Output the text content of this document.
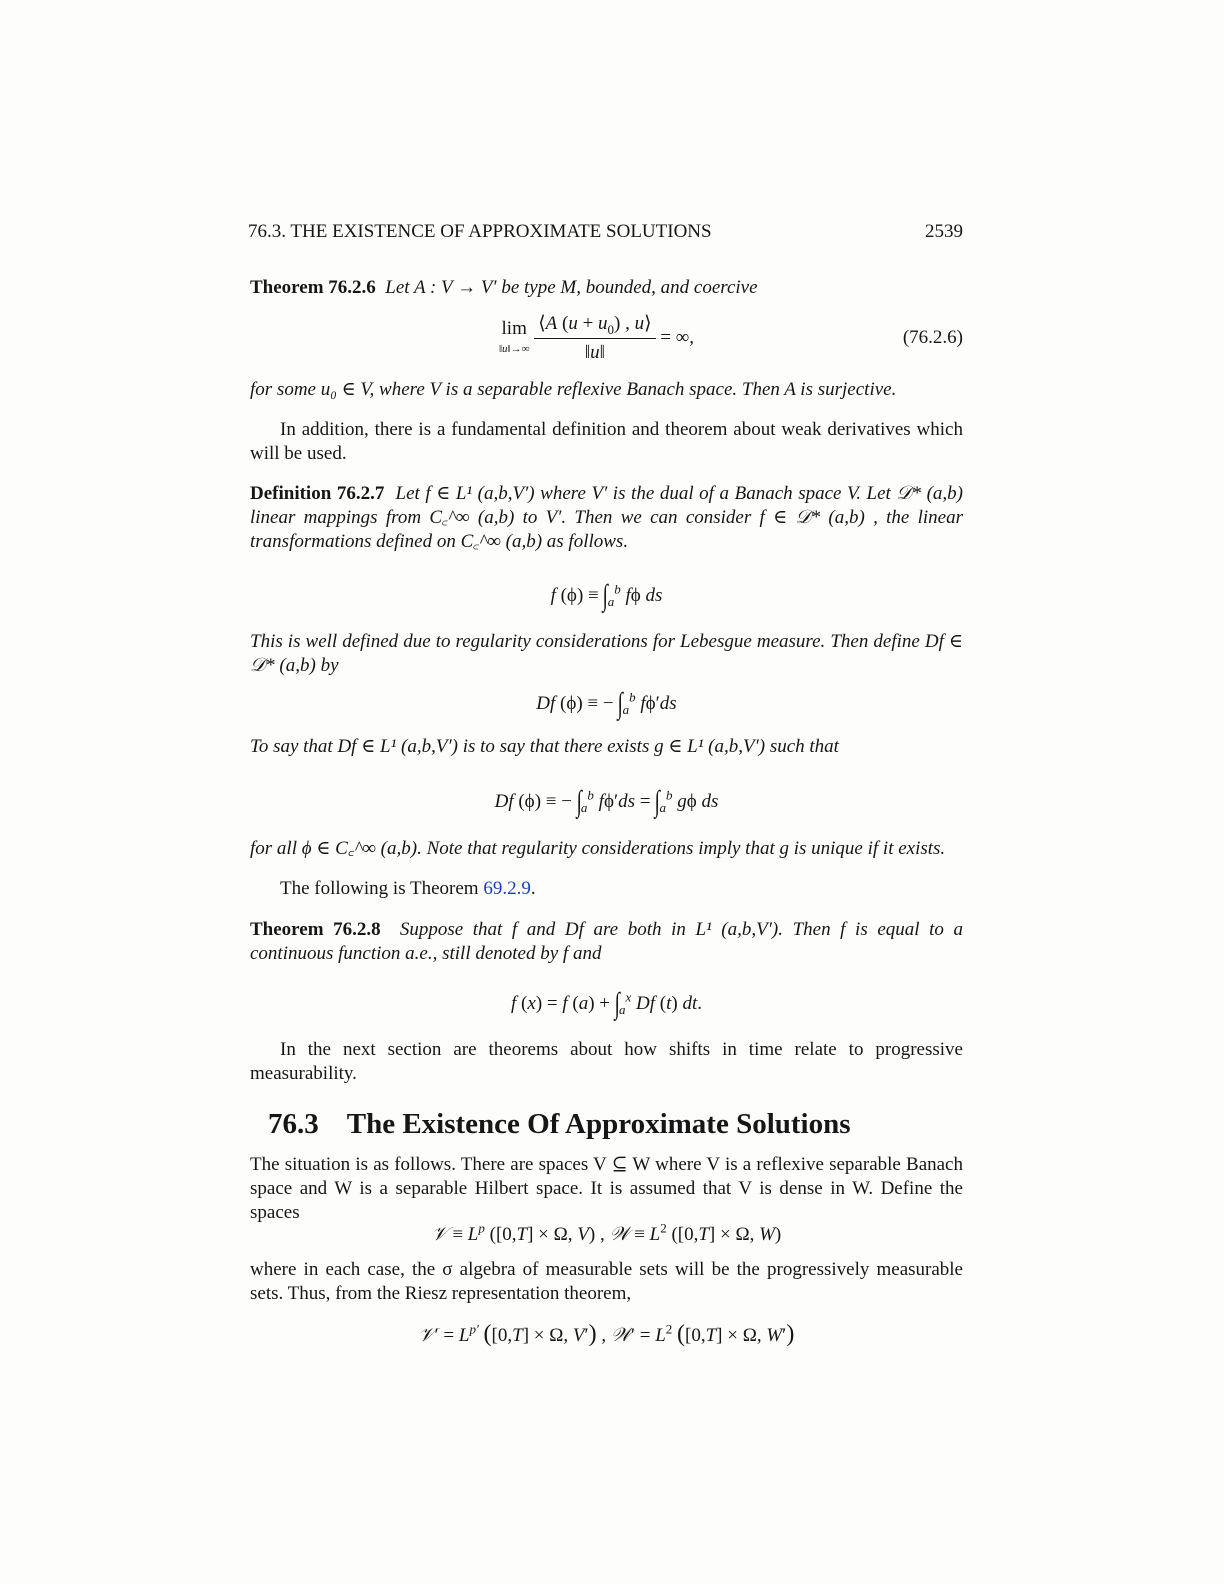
76.3. THE EXISTENCE OF APPROXIMATE SOLUTIONS	2539
Theorem 76.2.6 Let A : V → V′ be type M, bounded, and coercive
lim
‖u‖→∞ $\frac{⟨A (u + u_0) , u⟩}{‖u‖}$ = ∞,	(76.2.6)
for some u₀ ∈ V, where V is a separable reflexive Banach space. Then A is surjective.
In addition, there is a fundamental definition and theorem about weak derivatives which will be used.
Definition 76.2.7 Let f ∈ L¹ (a,b,V′) where V′ is the dual of a Banach space V. Let 𝒟* (a,b) linear mappings from C꜀^∞ (a,b) to V′. Then we can consider f ∈ 𝒟* (a,b) , the linear transformations defined on C꜀^∞ (a,b) as follows.
f $(\phi) \equiv \int_a^b$ fϕ ds
This is well defined due to regularity considerations for Lebesgue measure. Then define Df ∈ 𝒟* (a,b) by
Df (ϕ) ≡ − $\int_a^b$ fϕ′ds
To say that Df ∈ L¹ (a,b,V′) is to say that there exists g ∈ L¹ (a,b,V′) such that
Df (ϕ) ≡ − $\int_a^b$ $f\phi'ds = \int_a^b$ gϕ ds
for all ϕ ∈ C꜀^∞ (a,b). Note that regularity considerations imply that g is unique if it exists.
The following is Theorem 69.2.9.
Theorem 76.2.8 Suppose that f and Df are both in L¹ (a,b,V′). Then f is equal to a continuous function a.e., still denoted by f and
f (x) = f $(a) + \int_a^x$ Df (t) dt.
In the next section are theorems about how shifts in time relate to progressive measurability.
76.3 The Existence Of Approximate Solutions
The situation is as follows. There are spaces V ⊆ W where V is a reflexive separable Banach space and W is a separable Hilbert space. It is assumed that V is dense in W. Define the spaces
𝒱 ≡ $L^p$ ([0,T] × Ω, V) , 𝒲 ≡ $L^2$ ([0,T] × Ω, W)
where in each case, the σ algebra of measurable sets will be the progressively measurable sets. Thus, from the Riesz representation theorem,
𝒱′ = $L^{p'}$ ([0,T] × Ω, V′) , 𝒲′ = $L^2$ ([0,T] × Ω, W′)
